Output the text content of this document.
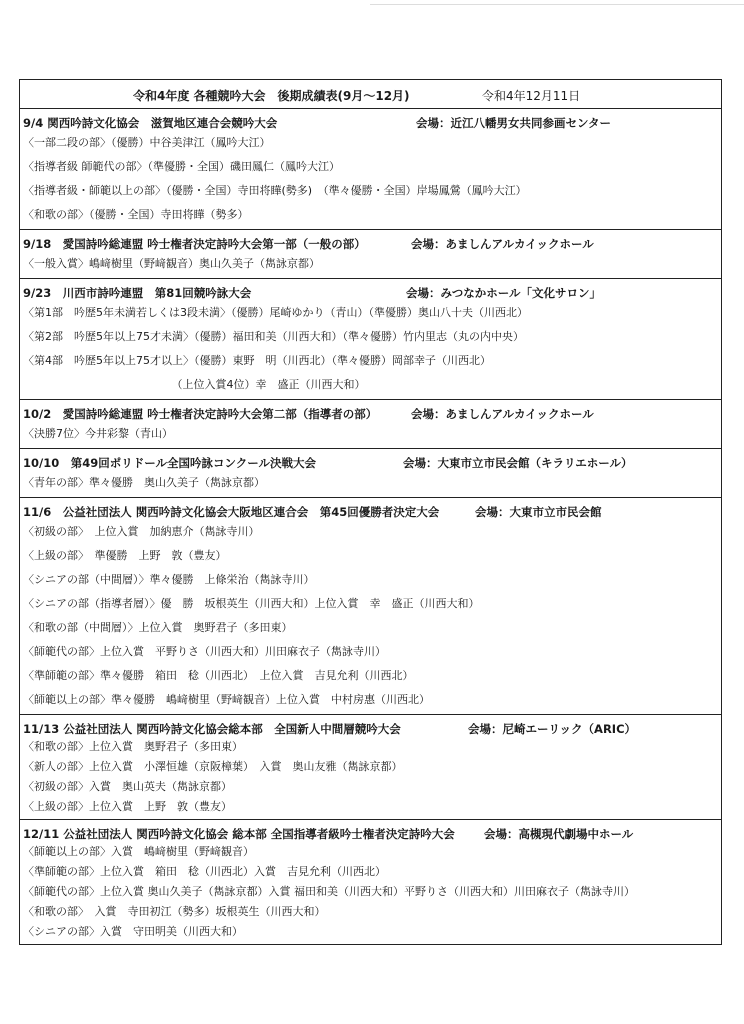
令和4年度 各種競吟大会　後期成績表(9月〜12月)	令和4年12月11日
9/4 関西吟詩文化協会　滋賀地区連合会競吟大会	会場：近江八幡男女共同参画センター
〈一部二段の部〉（優勝）中谷美津江（鳳吟大江）
〈指導者級 師範代の部〉（準優勝・全国）磯田鳳仁（鳳吟大江）
〈指導者級・師範以上の部〉（優勝・全国）寺田将瞱(勢多)　（準々優勝・全国）岸場鳳鶯（鳳吟大江）
〈和歌の部〉（優勝・全国）寺田将瞱（勢多）
9/18　愛国詩吟総連盟 吟士権者決定詩吟大会第一部（一般の部）	会場：あましんアルカイックホール
〈一般入賞〉嶋﨑樹里（野﨑観音）奥山久美子（雋詠京都）
9/23　川西市詩吟連盟　第81回競吟詠大会	会場：みつなかホール「文化サロン」
〈第1部　吟歴5年未満若しくは3段未満〉（優勝）尾崎ゆかり（青山）（準優勝）奥山八十夫（川西北）
〈第2部　吟歴5年以上75才未満〉（優勝）福田和美（川西大和）（準々優勝）竹内里志（丸の内中央）
〈第4部　吟歴5年以上75才以上〉（優勝）東野　明（川西北）（準々優勝）岡部幸子（川西北）
　　　　　　　　　　　　　　（上位入賞4位）幸　盛正（川西大和）
10/2　愛国詩吟総連盟 吟士権者決定詩吟大会第二部（指導者の部）	会場：あましんアルカイックホール
〈決勝7位〉今井彩黎（青山）
10/10　第49回ポリドール全国吟詠コンクール決戦大会	会場：大東市立市民会館（キラリエホール）
〈青年の部〉準々優勝　奥山久美子（雋詠京都）
11/6　公益社団法人 関西吟詩文化協会大阪地区連合会　第45回優勝者決定大会	会場：大東市立市民会館
〈初級の部〉　上位入賞　加納恵介（雋詠寺川）
〈上級の部〉　準優勝　上野　敦（豊友）
〈シニアの部（中間層）〉準々優勝　上條栄治（雋詠寺川）
〈シニアの部（指導者層）〉優　勝　坂根英生（川西大和）上位入賞　幸　盛正（川西大和）
〈和歌の部（中間層）〉上位入賞　奥野君子（多田東）
〈師範代の部〉上位入賞　平野りさ（川西大和）川田麻衣子（雋詠寺川）
〈準師範の部〉準々優勝　箱田　稔（川西北）　上位入賞　吉見允利（川西北）
〈師範以上の部〉準々優勝　嶋﨑樹里（野﨑観音）上位入賞　中村房惠（川西北）
11/13 公益社団法人 関西吟詩文化協会総本部　全国新人中間層競吟大会	会場：尼崎エーリック（ARIC）
〈和歌の部〉上位入賞　奥野君子（多田東）
〈新人の部〉上位入賞　小澤恒雄（京阪樟葉）　入賞　奥山友雅（雋詠京都）
〈初級の部〉入賞　奥山英夫（雋詠京都）
〈上級の部〉上位入賞　上野　敦（豊友）
12/11 公益社団法人 関西吟詩文化協会 総本部 全国指導者級吟士権者決定詩吟大会	会場：高槻現代劇場中ホール
〈師範以上の部〉入賞　嶋﨑樹里（野﨑観音）
〈準師範の部〉上位入賞　箱田　稔（川西北）入賞　吉見允利（川西北）
〈師範代の部〉上位入賞 奥山久美子（雋詠京都）入賞 福田和美（川西大和）平野りさ（川西大和）川田麻衣子（雋詠寺川）
〈和歌の部〉　入賞　寺田初江（勢多）坂根英生（川西大和）
〈シニアの部〉入賞　守田明美（川西大和）
